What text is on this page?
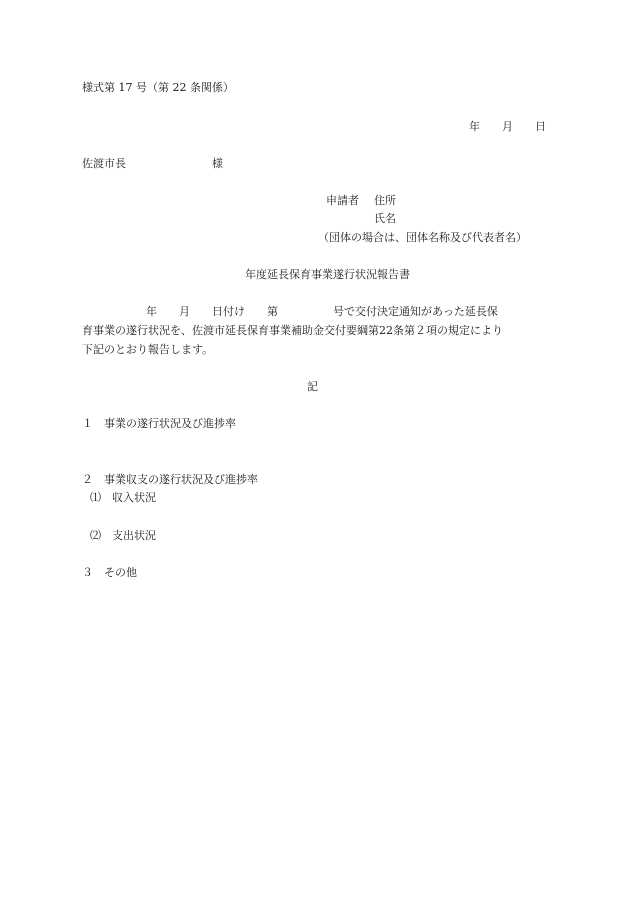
様式第 17 号（第 22 条関係）
年　　月　　日
佐渡市長	様
申請者 住所
氏名
（団体の場合は、団体名称及び代表者名）
年度延長保育事業遂行状況報告書
年　　月　　日付け　　第　　　　　号で交付決定通知があった延長保
育事業の遂行状況を、佐渡市延長保育事業補助金交付要綱第22条第２項の規定により
下記のとおり報告します。
記
１　事業の遂行状況及び進捗率
２　事業収支の遂行状況及び進捗率
⑴　収入状況
⑵　支出状況
３　その他
